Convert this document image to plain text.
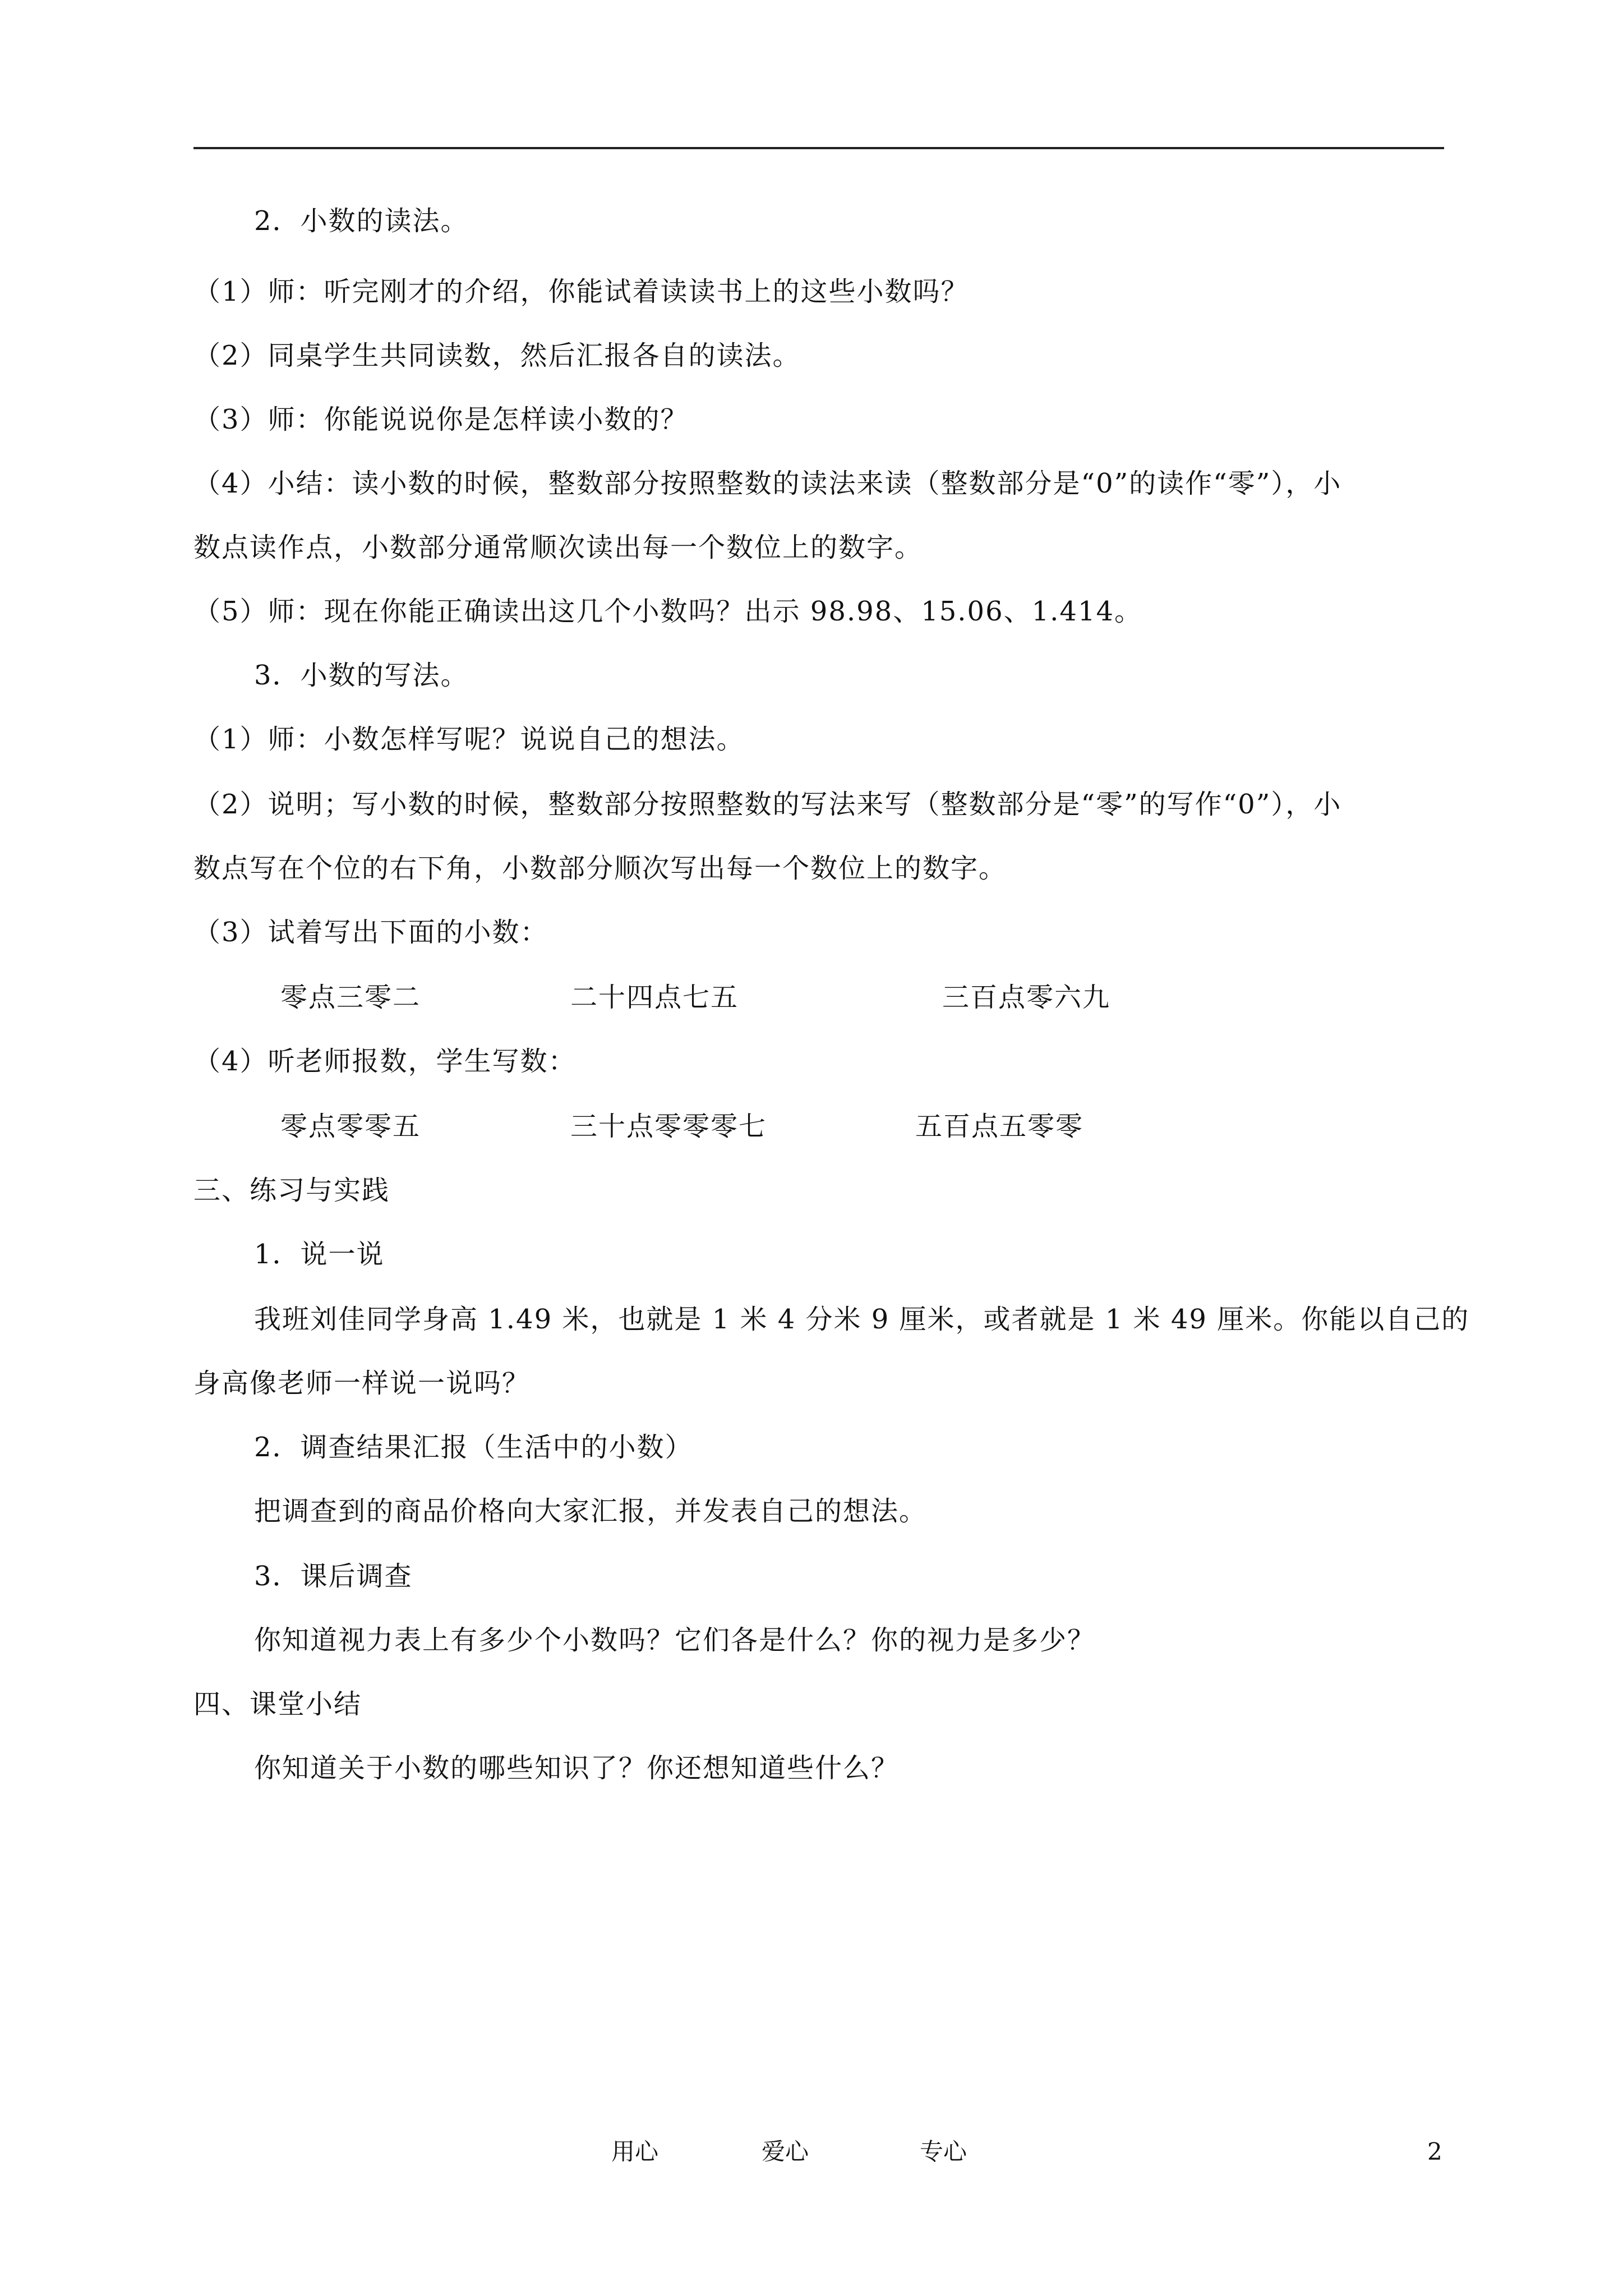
2．小数的读法。
（1）师：听完刚才的介绍，你能试着读读书上的这些小数吗？
（2）同桌学生共同读数，然后汇报各自的读法。
（3）师：你能说说你是怎样读小数的？
（4）小结：读小数的时候，整数部分按照整数的读法来读（整数部分是“0”的读作“零”），小
数点读作点，小数部分通常顺次读出每一个数位上的数字。
（5）师：现在你能正确读出这几个小数吗？出示 98.98、15.06、1.414。
3．小数的写法。
（1）师：小数怎样写呢？说说自己的想法。
（2）说明；写小数的时候，整数部分按照整数的写法来写（整数部分是“零”的写作“0”），小
数点写在个位的右下角，小数部分顺次写出每一个数位上的数字。
（3）试着写出下面的小数：
零点三零二	二十四点七五	三百点零六九
（4）听老师报数，学生写数：
零点零零五	三十点零零零七	五百点五零零
三、练习与实践
1．说一说
我班刘佳同学身高 1.49 米，也就是 1 米 4 分米 9 厘米，或者就是 1 米 49 厘米。你能以自己的
身高像老师一样说一说吗？
2．调查结果汇报（生活中的小数）
把调查到的商品价格向大家汇报，并发表自己的想法。
3．课后调查
你知道视力表上有多少个小数吗？它们各是什么？你的视力是多少？
四、课堂小结
你知道关于小数的哪些知识了？你还想知道些什么？
用心	爱心	专心	2
